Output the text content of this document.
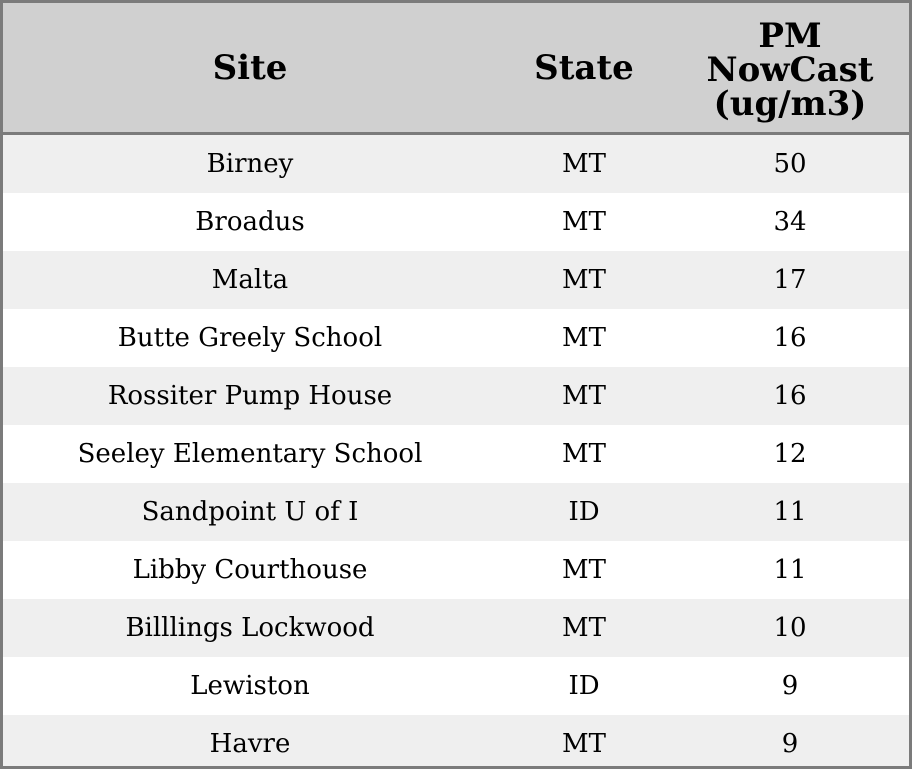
Site	State	PM
NowCast
(ug/m3)
Birney	MT	50
Broadus	MT	34
Malta	MT	17
Butte Greely School	MT	16
Rossiter Pump House	MT	16
Seeley Elementary School	MT	12
Sandpoint U of I	ID	11
Libby Courthouse	MT	11
Billlings Lockwood	MT	10
Lewiston	ID	9
Havre	MT	9
